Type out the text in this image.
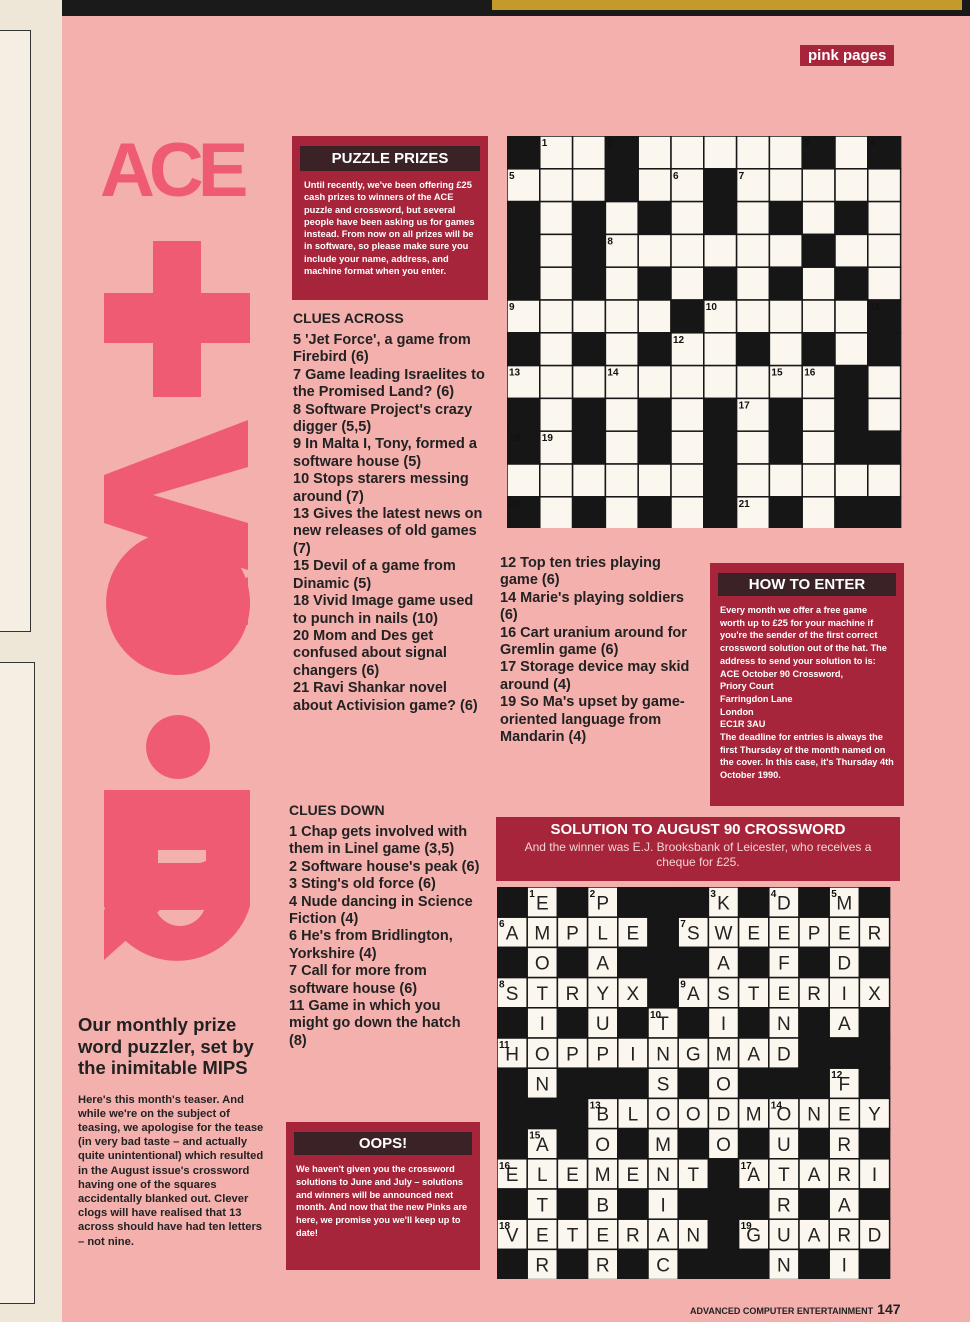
pink pages
ACE	PUZZLE PRIZES
Until recently, we've been offering £25 cash prizes to winners of the ACE puzzle and crossword, but several people have been asking us for games instead. From now on all prizes will be in software, so please make sure you include your name, address, and machine format when you enter.
CLUES ACROSS
5 'Jet Force', a game from Firebird (6)
7 Game leading Israelites to the Promised Land? (6)
8 Software Project's crazy digger (5,5)
9 In Malta I, Tony, formed a software house (5)
10 Stops starers messing around (7)
13 Gives the latest news on new releases of old games (7)
15 Devil of a game from Dinamic (5)
18 Vivid Image game used to punch in nails (10)
20 Mom and Des get confused about signal changers (6)
21 Ravi Shankar novel about Activision game? (6)
12 Top ten tries playing game (6)
14 Marie's playing soldiers (6)
16 Cart uranium around for Gremlin game (6)
17 Storage device may skid around (4)
19 So Ma's upset by game-oriented language from Mandarin (4)
CLUES DOWN
1 Chap gets involved with them in Linel game (3,5)
2 Software house's peak (6)
3 Sting's old force (6)
4 Nude dancing in Science Fiction (4)
6 He's from Bridlington, Yorkshire (4)
7 Call for more from software house (6)
11 Game in which you might go down the hatch (8)
HOW TO ENTER
Every month we offer a free game worth up to £25 for your machine if you're the sender of the first correct crossword solution out of the hat. The address to send your solution to is:
ACE October 90 Crossword,
Priory Court
Farringdon Lane
London
EC1R 3AU
The deadline for entries is always the first Thursday of the month named on the cover. In this case, it's Thursday 4th October 1990.
OOPS!
We haven't given you the crossword solutions to June and July – solutions and winners will be announced next month. And now that the new Pinks are here, we promise you we'll keep up to date!
SOLUTION TO AUGUST 90 CROSSWORD
And the winner was E.J. Brooksbank of Leicester, who receives a cheque for £25.
1	2	3	4
5	6	7
8
9	10	11
12
13	14	15 16
17
18 19
20	21
E	P	K D M
A M P L E	S W E E P E R
O A	A	F	D
S T R Y X	A S T E R I X
I	U	T	I	N A
H O P P I N G M A D
N	S O	F
B L O O D M O N E Y
A O M O U R
E L E M E N T	A T A R I
T	B	I	R A
V E T E R A N G U A R D
R R C	N	I
1	2	3	4	5
6	7
8	9
10
11
12
13	14
15
16	17
18	19
Our monthly prize word puzzler, set by the inimitable MIPS
Here's this month's teaser. And while we're on the subject of teasing, we apologise for the tease (in very bad taste – and actually quite unintentional) which resulted in the August issue's crossword having one of the squares accidentally blanked out. Clever clogs will have realised that 13 across should have had ten letters – not nine.
ADVANCED COMPUTER ENTERTAINMENT 147
